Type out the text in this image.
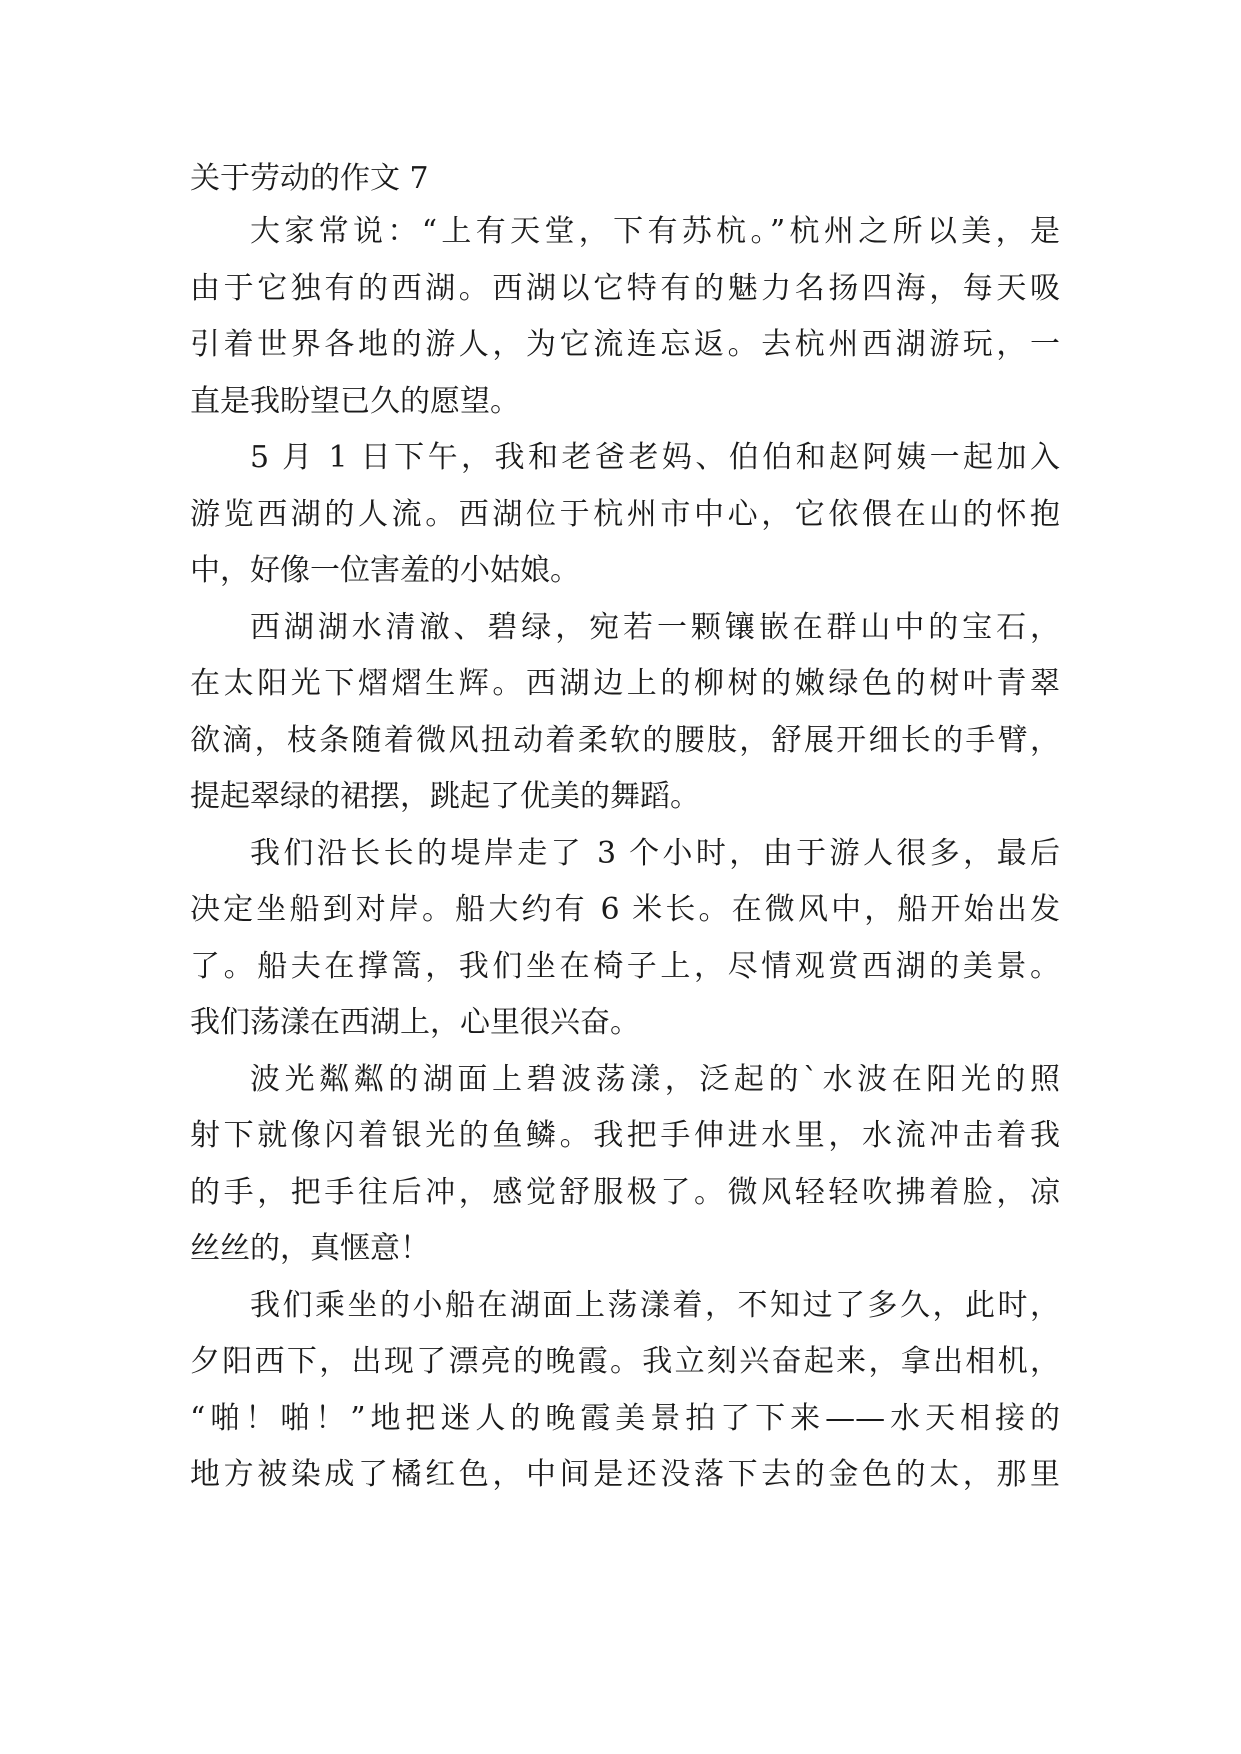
关于劳动的作文 7
大家常说：“上有天堂，下有苏杭。”杭州之所以美，是
由于它独有的西湖。西湖以它特有的魅力名扬四海，每天吸
引着世界各地的游人，为它流连忘返。去杭州西湖游玩，一
直是我盼望已久的愿望。
5 月 1 日下午，我和老爸老妈、伯伯和赵阿姨一起加入
游览西湖的人流。西湖位于杭州市中心，它依偎在山的怀抱
中，好像一位害羞的小姑娘。
西湖湖水清澈、碧绿，宛若一颗镶嵌在群山中的宝石，
在太阳光下熠熠生辉。西湖边上的柳树的嫩绿色的树叶青翠
欲滴，枝条随着微风扭动着柔软的腰肢，舒展开细长的手臂，
提起翠绿的裙摆，跳起了优美的舞蹈。
我们沿长长的堤岸走了 3 个小时，由于游人很多，最后
决定坐船到对岸。船大约有 6 米长。在微风中，船开始出发
了。船夫在撑篙，我们坐在椅子上，尽情观赏西湖的美景。
我们荡漾在西湖上，心里很兴奋。
波光粼粼的湖面上碧波荡漾，泛起的`水波在阳光的照
射下就像闪着银光的鱼鳞。我把手伸进水里，水流冲击着我
的手，把手往后冲，感觉舒服极了。微风轻轻吹拂着脸，凉
丝丝的，真惬意！
我们乘坐的小船在湖面上荡漾着，不知过了多久，此时，
夕阳西下，出现了漂亮的晚霞。我立刻兴奋起来，拿出相机，
“啪！啪！”地把迷人的晚霞美景拍了下来——水天相接的
地方被染成了橘红色，中间是还没落下去的金色的太，那里
